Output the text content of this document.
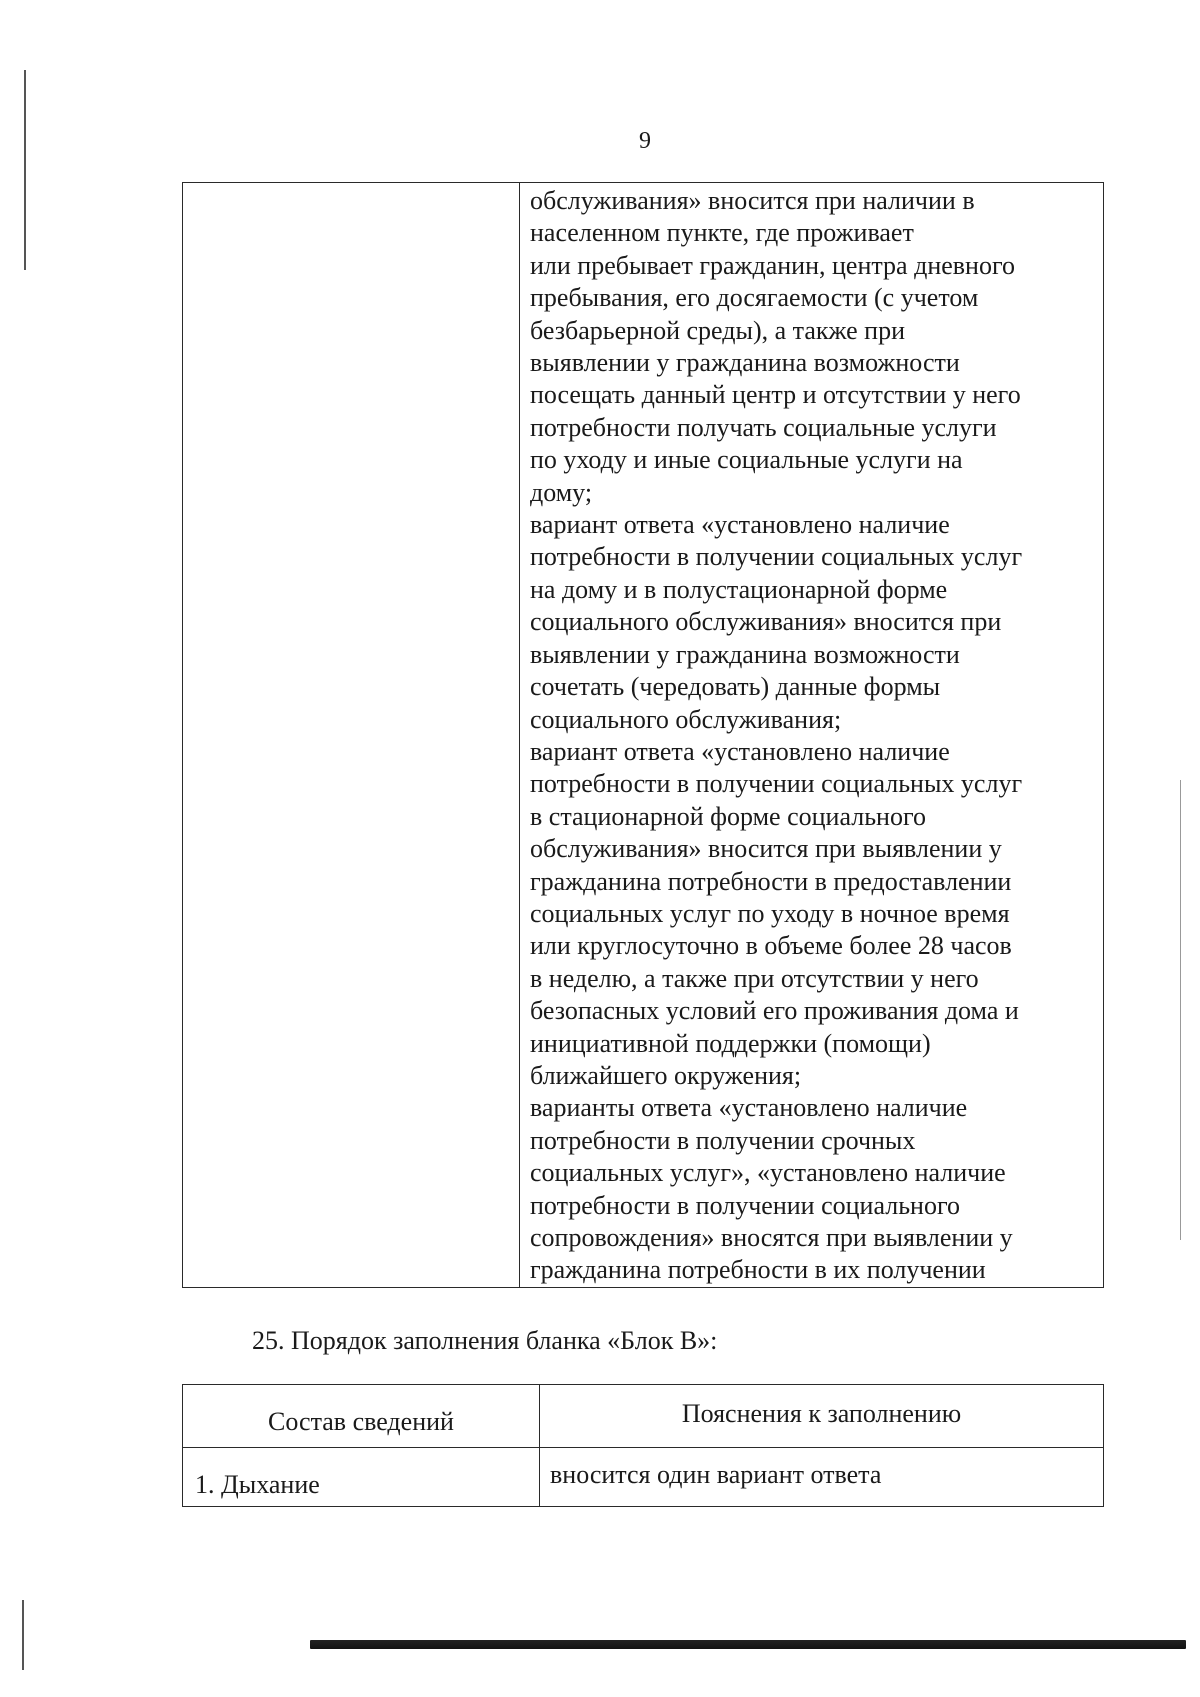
9

обслуживания» вносится при наличии в
населенном пункте, где проживает
или пребывает гражданин, центра дневного
пребывания, его досягаемости (с учетом
безбарьерной среды), а также при
выявлении у гражданина возможности
посещать данный центр и отсутствии у него
потребности получать социальные услуги
по уходу и иные социальные услуги на
дому;
вариант ответа «установлено наличие
потребности в получении социальных услуг
на дому и в полустационарной форме
социального обслуживания» вносится при
выявлении у гражданина возможности
сочетать (чередовать) данные формы
социального обслуживания;
вариант ответа «установлено наличие
потребности в получении социальных услуг
в стационарной форме социального
обслуживания» вносится при выявлении у
гражданина потребности в предоставлении
социальных услуг по уходу в ночное время
или круглосуточно в объеме более 28 часов
в неделю, а также при отсутствии у него
безопасных условий его проживания дома и
инициативной поддержки (помощи)
ближайшего окружения;
варианты ответа «установлено наличие
потребности в получении срочных
социальных услуг», «установлено наличие
потребности в получении социального
сопровождения» вносятся при выявлении у
гражданина потребности в их получении
25. Порядок заполнения бланка «Блок В»:
Состав сведений	Пояснения к заполнению
1. Дыхание	вносится один вариант ответа
